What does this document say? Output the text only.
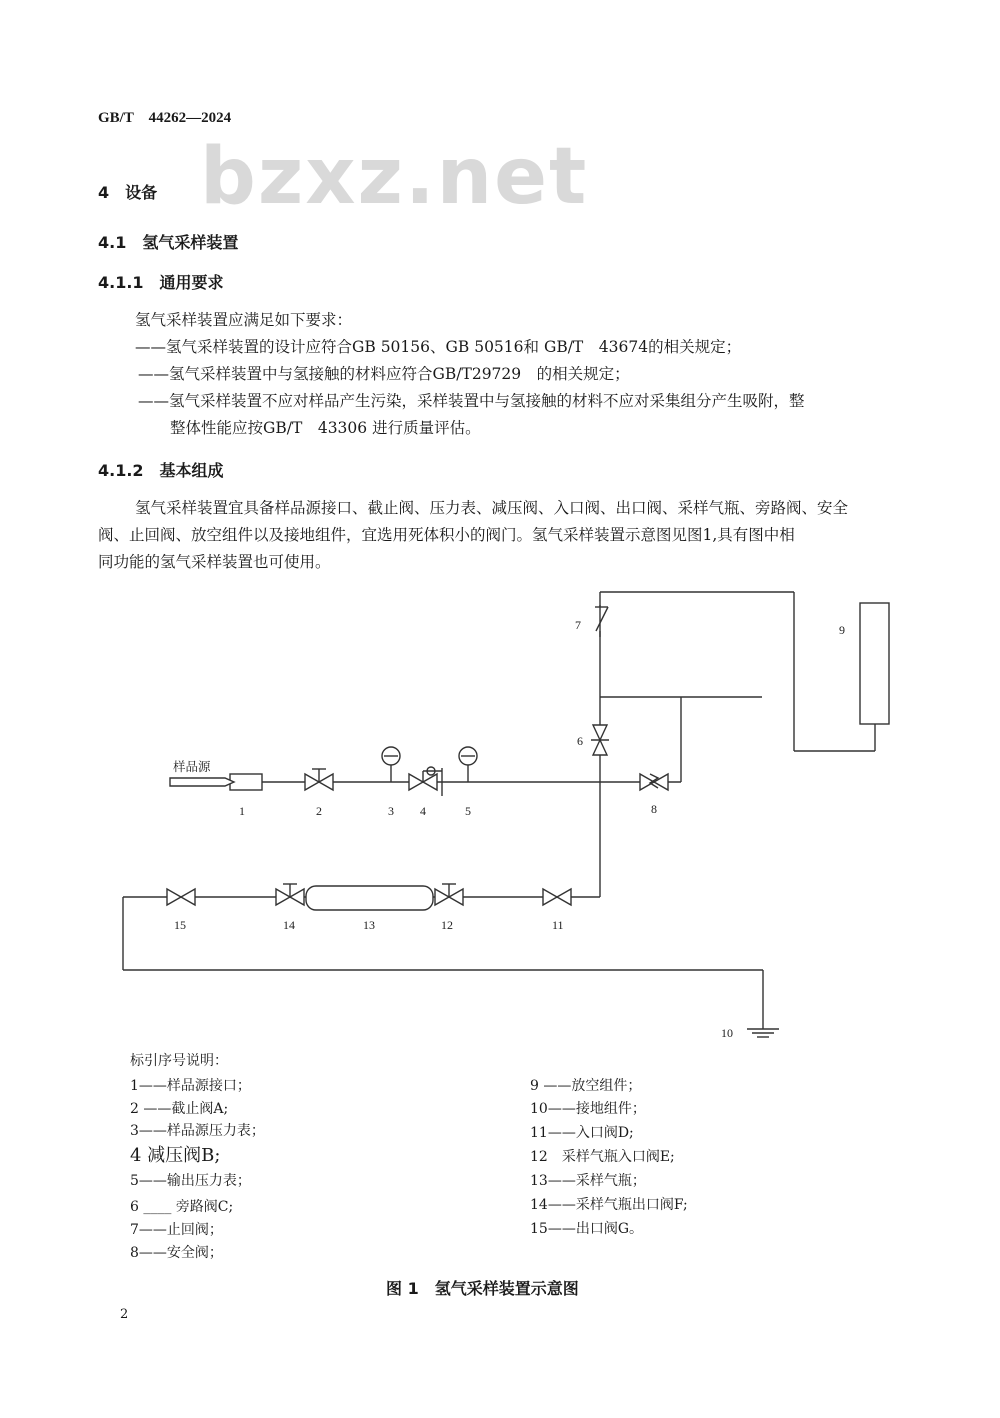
GB/T　44262—2024
bzxz.net
4　设备
4.1　氢气采样装置
4.1.1　通用要求
氢气采样装置应满足如下要求：
——氢气采样装置的设计应符合GB 50156、GB 50516和 GB/T　43674的相关规定；
——氢气采样装置中与氢接触的材料应符合GB/T29729　的相关规定；
——氢气采样装置不应对样品产生污染，采样装置中与氢接触的材料不应对采集组分产生吸附，整
整体性能应按GB/T　43306 进行质量评估。
4.1.2　基本组成
氢气采样装置宜具备样品源接口、截止阀、压力表、减压阀、入口阀、出口阀、采样气瓶、旁路阀、安全
阀、止回阀、放空组件以及接地组件，宜选用死体积小的阀门。氢气采样装置示意图见图1,具有图中相
同功能的氢气采样装置也可使用。
样品源
1	2	3 4	5
6
7
8
9
10
11
12
13
14
15
标引序号说明：
1——样品源接口；
2 ——截止阀A;
3——样品源压力表；
4 减压阀B;
5——输出压力表；
6 ____ 旁路阀C;
7——止回阀；
8——安全阀；
9 ——放空组件；
10——接地组件；
11——入口阀D;
12　采样气瓶入口阀E;
13——采样气瓶；
14——采样气瓶出口阀F;
15——出口阀G。
图 1　氢气采样装置示意图
2
